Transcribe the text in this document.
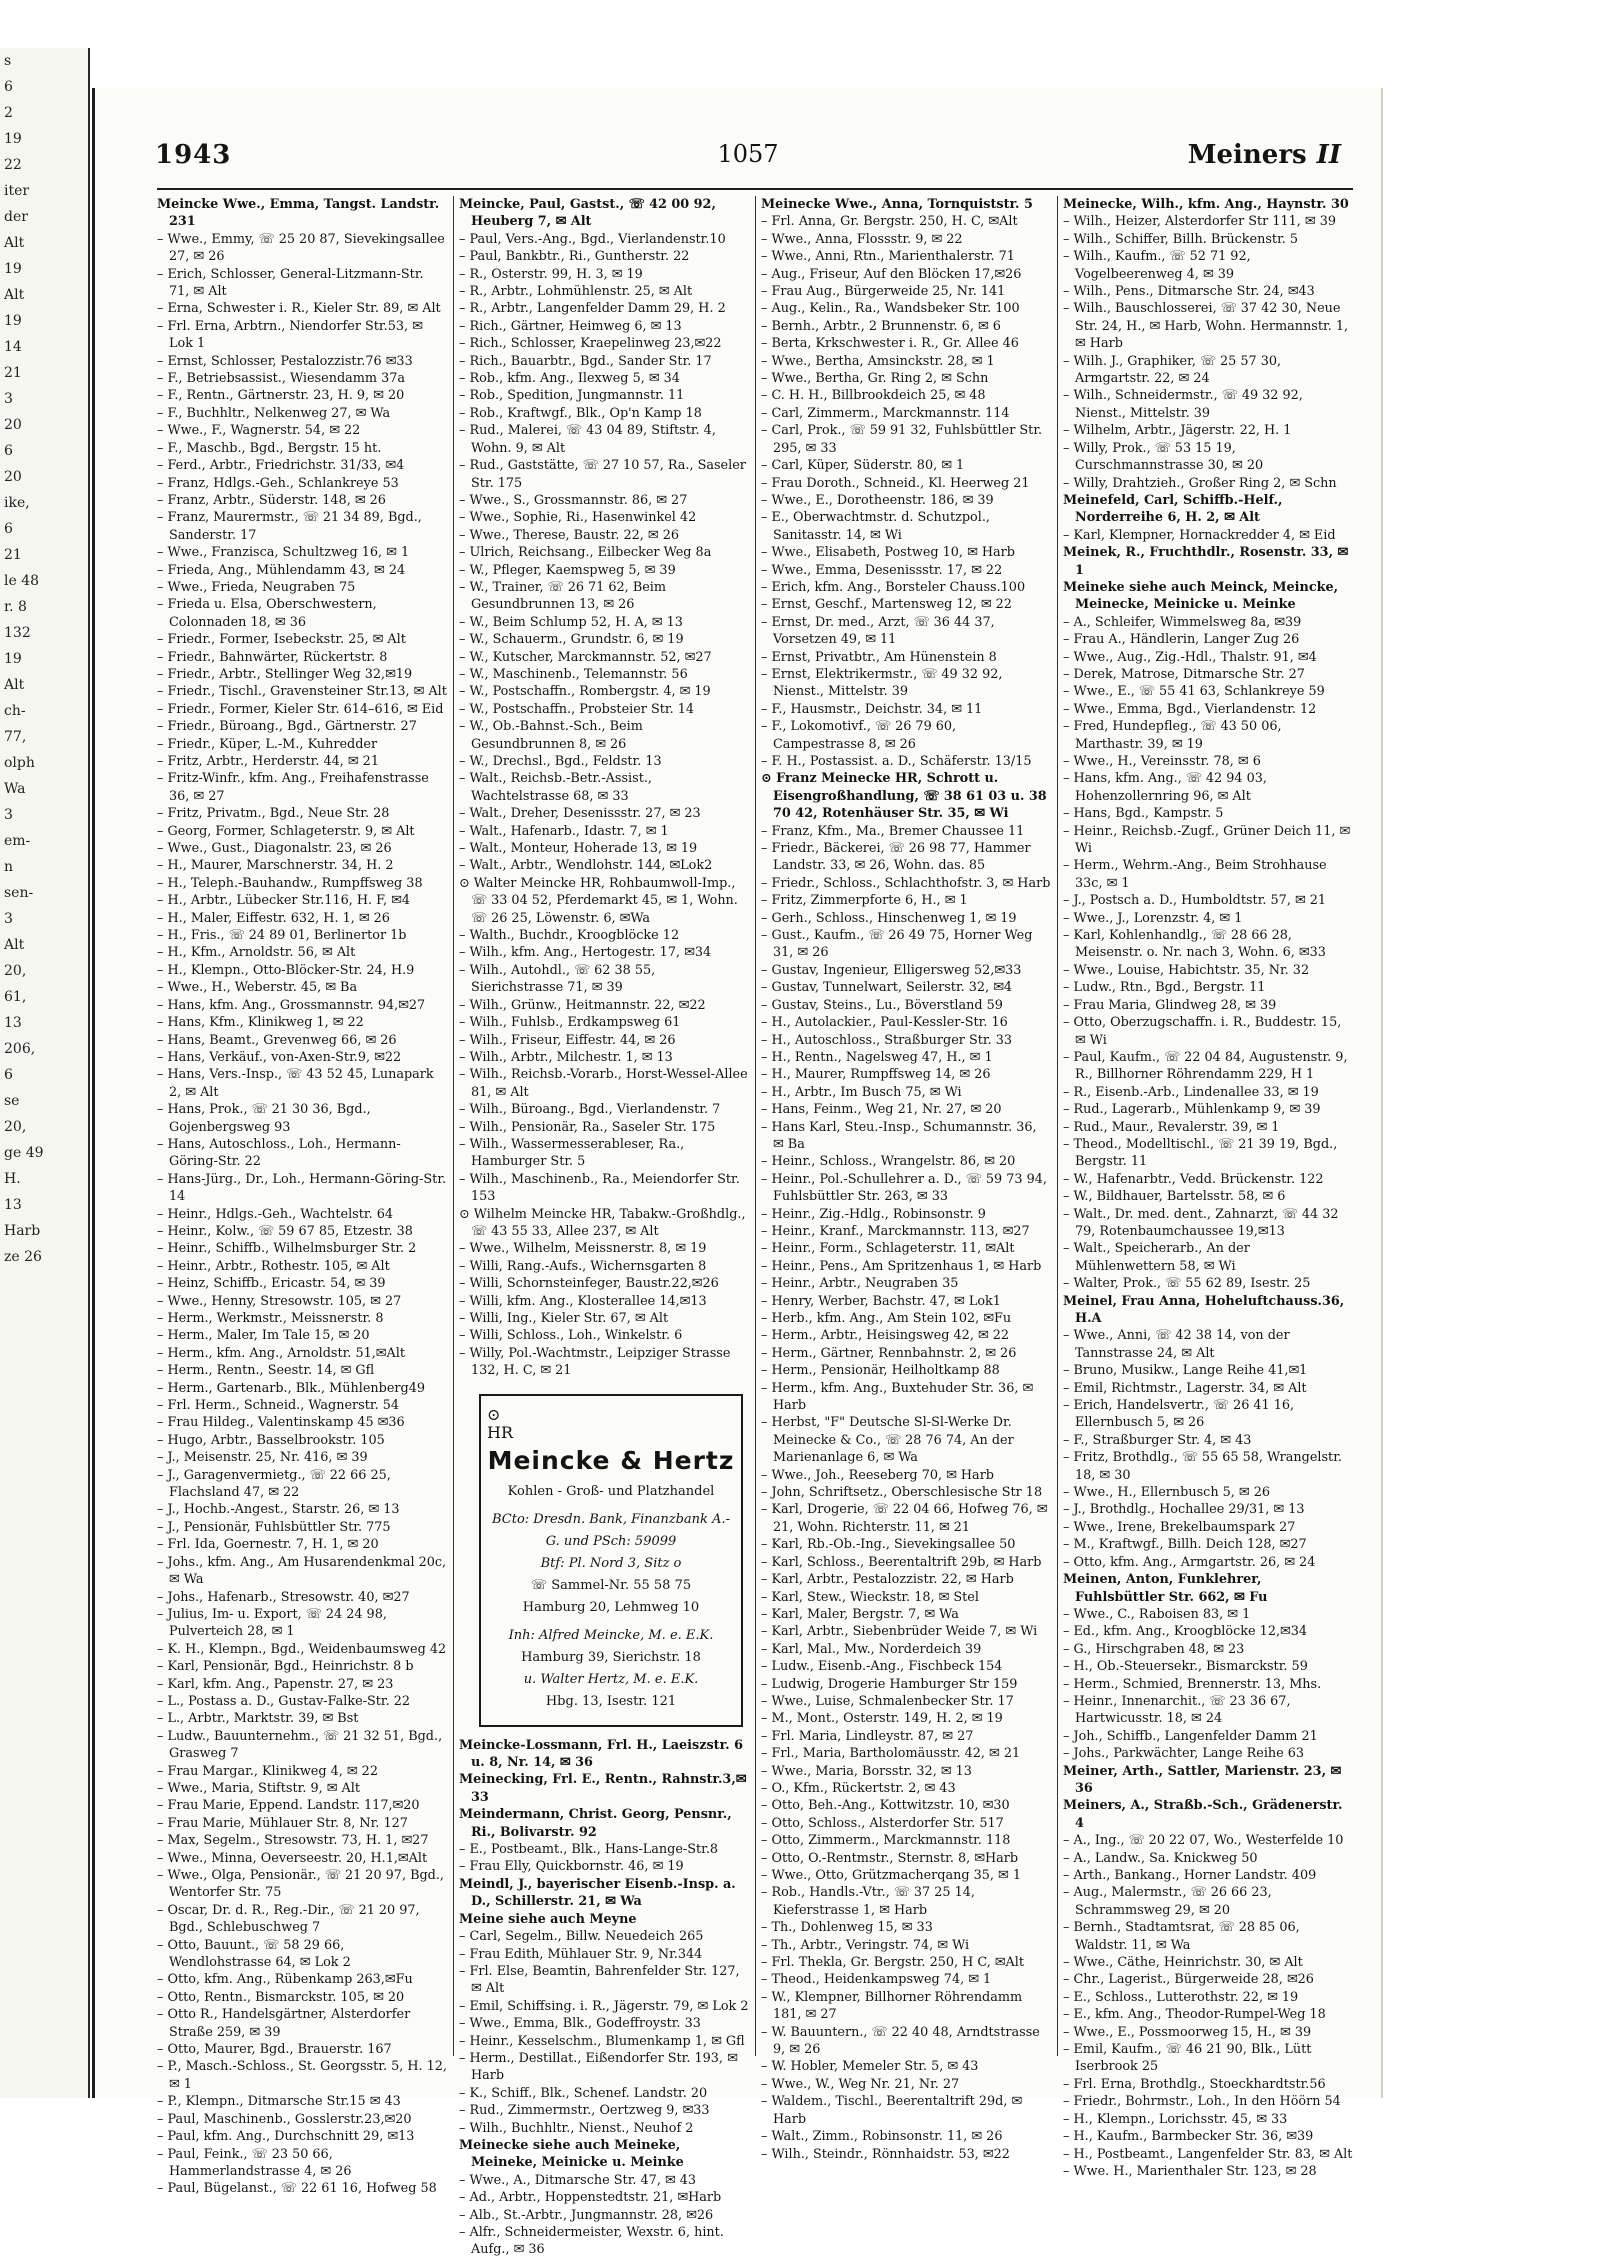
s
6
2
19
22
iter
der
Alt
19
Alt
19
14
21
3
20
6
20
ike,
6
21
le 48
r. 8
132
19
Alt
ch-
77,
olph
Wa
3
em-
n
sen-
3
Alt
20,
61,
13
206,
6
se
20,
ge 49
H.
13
Harb
ze 26
1943	1057	Meiners II
Meincke Wwe., Emma, Tangst. Landstr. 231
– Wwe., Emmy, ☏ 25 20 87, Sievekingsallee 27, ✉ 26
– Erich, Schlosser, General-Litzmann-Str. 71, ✉ Alt
– Erna, Schwester i. R., Kieler Str. 89, ✉ Alt
– Frl. Erna, Arbtrn., Niendorfer Str.53, ✉ Lok 1
– Ernst, Schlosser, Pestalozzistr.76 ✉33
– F., Betriebsassist., Wiesendamm 37a
– F., Rentn., Gärtnerstr. 23, H. 9, ✉ 20
– F., Buchhltr., Nelkenweg 27, ✉ Wa
– Wwe., F., Wagnerstr. 54, ✉ 22
– F., Maschb., Bgd., Bergstr. 15 ht.
– Ferd., Arbtr., Friedrichstr. 31/33, ✉4
– Franz, Hdlgs.-Geh., Schlankreye 53
– Franz, Arbtr., Süderstr. 148, ✉ 26
– Franz, Maurermstr., ☏ 21 34 89, Bgd., Sanderstr. 17
– Wwe., Franzisca, Schultzweg 16, ✉ 1
– Frieda, Ang., Mühlendamm 43, ✉ 24
– Wwe., Frieda, Neugraben 75
– Frieda u. Elsa, Oberschwestern, Colonnaden 18, ✉ 36
– Friedr., Former, Isebeckstr. 25, ✉ Alt
– Friedr., Bahnwärter, Rückertstr. 8
– Friedr., Arbtr., Stellinger Weg 32,✉19
– Friedr., Tischl., Gravensteiner Str.13, ✉ Alt
– Friedr., Former, Kieler Str. 614–616, ✉ Eid
– Friedr., Büroang., Bgd., Gärtnerstr. 27
– Friedr., Küper, L.-M., Kuhredder
– Fritz, Arbtr., Herderstr. 44, ✉ 21
– Fritz-Winfr., kfm. Ang., Freihafenstrasse 36, ✉ 27
– Fritz, Privatm., Bgd., Neue Str. 28
– Georg, Former, Schlageterstr. 9, ✉ Alt
– Wwe., Gust., Diagonalstr. 23, ✉ 26
– H., Maurer, Marschnerstr. 34, H. 2
– H., Teleph.-Bauhandw., Rumpffsweg 38
– H., Arbtr., Lübecker Str.116, H. F, ✉4
– H., Maler, Eiffestr. 632, H. 1, ✉ 26
– H., Fris., ☏ 24 89 01, Berlinertor 1b
– H., Kfm., Arnoldstr. 56, ✉ Alt
– H., Klempn., Otto-Blöcker-Str. 24, H.9
– Wwe., H., Weberstr. 45, ✉ Ba
– Hans, kfm. Ang., Grossmannstr. 94,✉27
– Hans, Kfm., Klinikweg 1, ✉ 22
– Hans, Beamt., Grevenweg 66, ✉ 26
– Hans, Verkäuf., von-Axen-Str.9, ✉22
– Hans, Vers.-Insp., ☏ 43 52 45, Lunapark 2, ✉ Alt
– Hans, Prok., ☏ 21 30 36, Bgd., Gojenbergsweg 93
– Hans, Autoschloss., Loh., Hermann-Göring-Str. 22
– Hans-Jürg., Dr., Loh., Hermann-Göring-Str. 14
– Heinr., Hdlgs.-Geh., Wachtelstr. 64
– Heinr., Kolw., ☏ 59 67 85, Etzestr. 38
– Heinr., Schiffb., Wilhelmsburger Str. 2
– Heinr., Arbtr., Rothestr. 105, ✉ Alt
– Heinz, Schiffb., Ericastr. 54, ✉ 39
– Wwe., Henny, Stresowstr. 105, ✉ 27
– Herm., Werkmstr., Meissnerstr. 8
– Herm., Maler, Im Tale 15, ✉ 20
– Herm., kfm. Ang., Arnoldstr. 51,✉Alt
– Herm., Rentn., Seestr. 14, ✉ Gfl
– Herm., Gartenarb., Blk., Mühlenberg49
– Frl. Herm., Schneid., Wagnerstr. 54
– Frau Hildeg., Valentinskamp 45 ✉36
– Hugo, Arbtr., Basselbrookstr. 105
– J., Meisenstr. 25, Nr. 416, ✉ 39
– J., Garagenvermietg., ☏ 22 66 25, Flachsland 47, ✉ 22
– J., Hochb.-Angest., Starstr. 26, ✉ 13
– J., Pensionär, Fuhlsbüttler Str. 775
– Frl. Ida, Goernestr. 7, H. 1, ✉ 20
– Johs., kfm. Ang., Am Husarendenkmal 20c, ✉ Wa
– Johs., Hafenarb., Stresowstr. 40, ✉27
– Julius, Im- u. Export, ☏ 24 24 98, Pulverteich 28, ✉ 1
– K. H., Klempn., Bgd., Weidenbaumsweg 42
– Karl, Pensionär, Bgd., Heinrichstr. 8 b
– Karl, kfm. Ang., Papenstr. 27, ✉ 23
– L., Postass a. D., Gustav-Falke-Str. 22
– L., Arbtr., Marktstr. 39, ✉ Bst
– Ludw., Bauunternehm., ☏ 21 32 51, Bgd., Grasweg 7
– Frau Margar., Klinikweg 4, ✉ 22
– Wwe., Maria, Stiftstr. 9, ✉ Alt
– Frau Marie, Eppend. Landstr. 117,✉20
– Frau Marie, Mühlauer Str. 8, Nr. 127
– Max, Segelm., Stresowstr. 73, H. 1, ✉27
– Wwe., Minna, Oeverseestr. 20, H.1,✉Alt
– Wwe., Olga, Pensionär., ☏ 21 20 97, Bgd., Wentorfer Str. 75
– Oscar, Dr. d. R., Reg.-Dir., ☏ 21 20 97, Bgd., Schlebuschweg 7
– Otto, Bauunt., ☏ 58 29 66, Wendlohstrasse 64, ✉ Lok 2
– Otto, kfm. Ang., Rübenkamp 263,✉Fu
– Otto, Rentn., Bismarckstr. 105, ✉ 20
– Otto R., Handelsgärtner, Alsterdorfer Straße 259, ✉ 39
– Otto, Maurer, Bgd., Brauerstr. 167
– P., Masch.-Schloss., St. Georgsstr. 5, H. 12, ✉ 1
– P., Klempn., Ditmarsche Str.15 ✉ 43
– Paul, Maschinenb., Gosslerstr.23,✉20
– Paul, kfm. Ang., Durchschnitt 29, ✉13
– Paul, Feink., ☏ 23 50 66, Hammerlandstrasse 4, ✉ 26
– Paul, Bügelanst., ☏ 22 61 16, Hofweg 58
Meincke, Paul, Gastst., ☏ 42 00 92, Heuberg 7, ✉ Alt
– Paul, Vers.-Ang., Bgd., Vierlandenstr.10
– Paul, Bankbtr., Ri., Guntherstr. 22
– R., Osterstr. 99, H. 3, ✉ 19
– R., Arbtr., Lohmühlenstr. 25, ✉ Alt
– R., Arbtr., Langenfelder Damm 29, H. 2
– Rich., Gärtner, Heimweg 6, ✉ 13
– Rich., Schlosser, Kraepelinweg 23,✉22
– Rich., Bauarbtr., Bgd., Sander Str. 17
– Rob., kfm. Ang., Ilexweg 5, ✉ 34
– Rob., Spedition, Jungmannstr. 11
– Rob., Kraftwgf., Blk., Op'n Kamp 18
– Rud., Malerei, ☏ 43 04 89, Stiftstr. 4, Wohn. 9, ✉ Alt
– Rud., Gaststätte, ☏ 27 10 57, Ra., Saseler Str. 175
– Wwe., S., Grossmannstr. 86, ✉ 27
– Wwe., Sophie, Ri., Hasenwinkel 42
– Wwe., Therese, Baustr. 22, ✉ 26
– Ulrich, Reichsang., Eilbecker Weg 8a
– W., Pfleger, Kaemspweg 5, ✉ 39
– W., Trainer, ☏ 26 71 62, Beim Gesundbrunnen 13, ✉ 26
– W., Beim Schlump 52, H. A, ✉ 13
– W., Schauerm., Grundstr. 6, ✉ 19
– W., Kutscher, Marckmannstr. 52, ✉27
– W., Maschinenb., Telemannstr. 56
– W., Postschaffn., Rombergstr. 4, ✉ 19
– W., Postschaffn., Probsteier Str. 14
– W., Ob.-Bahnst.-Sch., Beim Gesundbrunnen 8, ✉ 26
– W., Drechsl., Bgd., Feldstr. 13
– Walt., Reichsb.-Betr.-Assist., Wachtelstrasse 68, ✉ 33
– Walt., Dreher, Desenissstr. 27, ✉ 23
– Walt., Hafenarb., Idastr. 7, ✉ 1
– Walt., Monteur, Hoherade 13, ✉ 19
– Walt., Arbtr., Wendlohstr. 144, ✉Lok2
⊙ Walter Meincke HR, Rohbaumwoll-Imp., ☏ 33 04 52, Pferdemarkt 45, ✉ 1, Wohn. ☏ 26 25, Löwenstr. 6, ✉Wa
– Walth., Buchdr., Kroogblöcke 12
– Wilh., kfm. Ang., Hertogestr. 17, ✉34
– Wilh., Autohdl., ☏ 62 38 55, Sierichstrasse 71, ✉ 39
– Wilh., Grünw., Heitmannstr. 22, ✉22
– Wilh., Fuhlsb., Erdkampsweg 61
– Wilh., Friseur, Eiffestr. 44, ✉ 26
– Wilh., Arbtr., Milchestr. 1, ✉ 13
– Wilh., Reichsb.-Vorarb., Horst-Wessel-Allee 81, ✉ Alt
– Wilh., Büroang., Bgd., Vierlandenstr. 7
– Wilh., Pensionär, Ra., Saseler Str. 175
– Wilh., Wassermesserableser, Ra., Hamburger Str. 5
– Wilh., Maschinenb., Ra., Meiendorfer Str. 153
⊙ Wilhelm Meincke HR, Tabakw.-Großhdlg., ☏ 43 55 33, Allee 237, ✉ Alt
– Wwe., Wilhelm, Meissnerstr. 8, ✉ 19
– Willi, Rang.-Aufs., Wichernsgarten 8
– Willi, Schornsteinfeger, Baustr.22,✉26
– Willi, kfm. Ang., Klosterallee 14,✉13
– Willi, Ing., Kieler Str. 67, ✉ Alt
– Willi, Schloss., Loh., Winkelstr. 6
– Willy, Pol.-Wachtmstr., Leipziger Strasse 132, H. C, ✉ 21
⊙
HR
Meincke & Hertz
Kohlen - Groß- und Platzhandel
BCto: Dresdn. Bank, Finanzbank A.-G. und PSch: 59099
Btf: Pl. Nord 3, Sitz o
☏ Sammel-Nr. 55 58 75
Hamburg 20, Lehmweg 10
Inh: Alfred Meincke, M. e. E.K.
Hamburg 39, Sierichstr. 18
u. Walter Hertz, M. e. E.K.
Hbg. 13, Isestr. 121
Meincke-Lossmann, Frl. H., Laeiszstr. 6 u. 8, Nr. 14, ✉ 36
Meinecking, Frl. E., Rentn., Rahnstr.3,✉33
Meindermann, Christ. Georg, Pensnr., Ri., Bolivarstr. 92
– E., Postbeamt., Blk., Hans-Lange-Str.8
– Frau Elly, Quickbornstr. 46, ✉ 19
Meindl, J., bayerischer Eisenb.-Insp. a. D., Schillerstr. 21, ✉ Wa
Meine siehe auch Meyne
– Carl, Segelm., Billw. Neuedeich 265
– Frau Edith, Mühlauer Str. 9, Nr.344
– Frl. Else, Beamtin, Bahrenfelder Str. 127, ✉ Alt
– Emil, Schiffsing. i. R., Jägerstr. 79, ✉ Lok 2
– Wwe., Emma, Blk., Godeffroystr. 33
– Heinr., Kesselschm., Blumenkamp 1, ✉ Gfl
– Herm., Destillat., Eißendorfer Str. 193, ✉ Harb
– K., Schiff., Blk., Schenef. Landstr. 20
– Rud., Zimmermstr., Oertzweg 9, ✉33
– Wilh., Buchhltr., Nienst., Neuhof 2
Meinecke siehe auch Meineke, Meineke, Meinicke u. Meinke
– Wwe., A., Ditmarsche Str. 47, ✉ 43
– Ad., Arbtr., Hoppenstedtstr. 21, ✉Harb
– Alb., St.-Arbtr., Jungmannstr. 28, ✉26
– Alfr., Schneidermeister, Wexstr. 6, hint. Aufg., ✉ 36
Meinecke Wwe., Anna, Tornquiststr. 5
– Frl. Anna, Gr. Bergstr. 250, H. C, ✉Alt
– Wwe., Anna, Flossstr. 9, ✉ 22
– Wwe., Anni, Rtn., Marienthalerstr. 71
– Aug., Friseur, Auf den Blöcken 17,✉26
– Frau Aug., Bürgerweide 25, Nr. 141
– Aug., Kelin., Ra., Wandsbeker Str. 100
– Bernh., Arbtr., 2 Brunnenstr. 6, ✉ 6
– Berta, Krkschwester i. R., Gr. Allee 46
– Wwe., Bertha, Amsinckstr. 28, ✉ 1
– Wwe., Bertha, Gr. Ring 2, ✉ Schn
– C. H. H., Billbrookdeich 25, ✉ 48
– Carl, Zimmerm., Marckmannstr. 114
– Carl, Prok., ☏ 59 91 32, Fuhlsbüttler Str. 295, ✉ 33
– Carl, Küper, Süderstr. 80, ✉ 1
– Frau Doroth., Schneid., Kl. Heerweg 21
– Wwe., E., Dorotheenstr. 186, ✉ 39
– E., Oberwachtmstr. d. Schutzpol., Sanitasstr. 14, ✉ Wi
– Wwe., Elisabeth, Postweg 10, ✉ Harb
– Wwe., Emma, Desenissstr. 17, ✉ 22
– Erich, kfm. Ang., Borsteler Chauss.100
– Ernst, Geschf., Martensweg 12, ✉ 22
– Ernst, Dr. med., Arzt, ☏ 36 44 37, Vorsetzen 49, ✉ 11
– Ernst, Privatbtr., Am Hünenstein 8
– Ernst, Elektrikermstr., ☏ 49 32 92, Nienst., Mittelstr. 39
– F., Hausmstr., Deichstr. 34, ✉ 11
– F., Lokomotivf., ☏ 26 79 60, Campestrasse 8, ✉ 26
– F. H., Postassist. a. D., Schäferstr. 13/15
⊙ Franz Meinecke HR, Schrott u. Eisengroßhandlung, ☏ 38 61 03 u. 38 70 42, Rotenhäuser Str. 35, ✉ Wi
– Franz, Kfm., Ma., Bremer Chaussee 11
– Friedr., Bäckerei, ☏ 26 98 77, Hammer Landstr. 33, ✉ 26, Wohn. das. 85
– Friedr., Schloss., Schlachthofstr. 3, ✉ Harb
– Fritz, Zimmerpforte 6, H., ✉ 1
– Gerh., Schloss., Hinschenweg 1, ✉ 19
– Gust., Kaufm., ☏ 26 49 75, Horner Weg 31, ✉ 26
– Gustav, Ingenieur, Elligersweg 52,✉33
– Gustav, Tunnelwart, Seilerstr. 32, ✉4
– Gustav, Steins., Lu., Böverstland 59
– H., Autolackier., Paul-Kessler-Str. 16
– H., Autoschloss., Straßburger Str. 33
– H., Rentn., Nagelsweg 47, H., ✉ 1
– H., Maurer, Rumpffsweg 14, ✉ 26
– H., Arbtr., Im Busch 75, ✉ Wi
– Hans, Feinm., Weg 21, Nr. 27, ✉ 20
– Hans Karl, Steu.-Insp., Schumannstr. 36, ✉ Ba
– Heinr., Schloss., Wrangelstr. 86, ✉ 20
– Heinr., Pol.-Schullehrer a. D., ☏ 59 73 94, Fuhlsbüttler Str. 263, ✉ 33
– Heinr., Zig.-Hdlg., Robinsonstr. 9
– Heinr., Kranf., Marckmannstr. 113, ✉27
– Heinr., Form., Schlageterstr. 11, ✉Alt
– Heinr., Pens., Am Spritzenhaus 1, ✉ Harb
– Heinr., Arbtr., Neugraben 35
– Henry, Werber, Bachstr. 47, ✉ Lok1
– Herb., kfm. Ang., Am Stein 102, ✉Fu
– Herm., Arbtr., Heisingsweg 42, ✉ 22
– Herm., Gärtner, Rennbahnstr. 2, ✉ 26
– Herm., Pensionär, Heilholtkamp 88
– Herm., kfm. Ang., Buxtehuder Str. 36, ✉ Harb
– Herbst, "F" Deutsche Sl-Sl-Werke Dr. Meinecke & Co., ☏ 28 76 74, An der Marienanlage 6, ✉ Wa
– Wwe., Joh., Reeseberg 70, ✉ Harb
– John, Schriftsetz., Oberschlesische Str 18
– Karl, Drogerie, ☏ 22 04 66, Hofweg 76, ✉ 21, Wohn. Richterstr. 11, ✉ 21
– Karl, Rb.-Ob.-Ing., Sievekingsallee 50
– Karl, Schloss., Beerentaltrift 29b, ✉ Harb
– Karl, Arbtr., Pestalozzistr. 22, ✉ Harb
– Karl, Stew., Wieckstr. 18, ✉ Stel
– Karl, Maler, Bergstr. 7, ✉ Wa
– Karl, Arbtr., Siebenbrüder Weide 7, ✉ Wi
– Karl, Mal., Mw., Norderdeich 39
– Ludw., Eisenb.-Ang., Fischbeck 154
– Ludwig, Drogerie Hamburger Str 159
– Wwe., Luise, Schmalenbecker Str. 17
– M., Mont., Osterstr. 149, H. 2, ✉ 19
– Frl. Maria, Lindleystr. 87, ✉ 27
– Frl., Maria, Bartholomäusstr. 42, ✉ 21
– Wwe., Maria, Borsstr. 32, ✉ 13
– O., Kfm., Rückertstr. 2, ✉ 43
– Otto, Beh.-Ang., Kottwitzstr. 10, ✉30
– Otto, Schloss., Alsterdorfer Str. 517
– Otto, Zimmerm., Marckmannstr. 118
– Otto, O.-Rentmstr., Sternstr. 8, ✉Harb
– Wwe., Otto, Grützmacherqang 35, ✉ 1
– Rob., Handls.-Vtr., ☏ 37 25 14, Kieferstrasse 1, ✉ Harb
– Th., Dohlenweg 15, ✉ 33
– Th., Arbtr., Veringstr. 74, ✉ Wi
– Frl. Thekla, Gr. Bergstr. 250, H C, ✉Alt
– Theod., Heidenkampsweg 74, ✉ 1
– W., Klempner, Billhorner Röhrendamm 181, ✉ 27
– W. Bauuntern., ☏ 22 40 48, Arndtstrasse 9, ✉ 26
– W. Hobler, Memeler Str. 5, ✉ 43
– Wwe., W., Weg Nr. 21, Nr. 27
– Waldem., Tischl., Beerentaltrift 29d, ✉ Harb
– Walt., Zimm., Robinsonstr. 11, ✉ 26
– Wilh., Steindr., Rönnhaidstr. 53, ✉22
Meinecke, Wilh., kfm. Ang., Haynstr. 30
– Wilh., Heizer, Alsterdorfer Str 111, ✉ 39
– Wilh., Schiffer, Billh. Brückenstr. 5
– Wilh., Kaufm., ☏ 52 71 92, Vogelbeerenweg 4, ✉ 39
– Wilh., Pens., Ditmarsche Str. 24, ✉43
– Wilh., Bauschlosserei, ☏ 37 42 30, Neue Str. 24, H., ✉ Harb, Wohn. Hermannstr. 1, ✉ Harb
– Wilh. J., Graphiker, ☏ 25 57 30, Armgartstr. 22, ✉ 24
– Wilh., Schneidermstr., ☏ 49 32 92, Nienst., Mittelstr. 39
– Wilhelm, Arbtr., Jägerstr. 22, H. 1
– Willy, Prok., ☏ 53 15 19, Curschmannstrasse 30, ✉ 20
– Willy, Drahtzieh., Großer Ring 2, ✉ Schn
Meinefeld, Carl, Schiffb.-Helf., Norderreihe 6, H. 2, ✉ Alt
– Karl, Klempner, Hornackredder 4, ✉ Eid
Meinek, R., Fruchthdlr., Rosenstr. 33, ✉ 1
Meineke siehe auch Meinck, Meincke, Meinecke, Meinicke u. Meinke
– A., Schleifer, Wimmelsweg 8a, ✉39
– Frau A., Händlerin, Langer Zug 26
– Wwe., Aug., Zig.-Hdl., Thalstr. 91, ✉4
– Derek, Matrose, Ditmarsche Str. 27
– Wwe., E., ☏ 55 41 63, Schlankreye 59
– Wwe., Emma, Bgd., Vierlandenstr. 12
– Fred, Hundepfleg., ☏ 43 50 06, Marthastr. 39, ✉ 19
– Wwe., H., Vereinsstr. 78, ✉ 6
– Hans, kfm. Ang., ☏ 42 94 03, Hohenzollernring 96, ✉ Alt
– Hans, Bgd., Kampstr. 5
– Heinr., Reichsb.-Zugf., Grüner Deich 11, ✉ Wi
– Herm., Wehrm.-Ang., Beim Strohhause 33c, ✉ 1
– J., Postsch a. D., Humboldtstr. 57, ✉ 21
– Wwe., J., Lorenzstr. 4, ✉ 1
– Karl, Kohlenhandlg., ☏ 28 66 28, Meisenstr. o. Nr. nach 3, Wohn. 6, ✉33
– Wwe., Louise, Habichtstr. 35, Nr. 32
– Ludw., Rtn., Bgd., Bergstr. 11
– Frau Maria, Glindweg 28, ✉ 39
– Otto, Oberzugschaffn. i. R., Buddestr. 15, ✉ Wi
– Paul, Kaufm., ☏ 22 04 84, Augustenstr. 9, R., Billhorner Röhrendamm 229, H 1
– R., Eisenb.-Arb., Lindenallee 33, ✉ 19
– Rud., Lagerarb., Mühlenkamp 9, ✉ 39
– Rud., Maur., Revalerstr. 39, ✉ 1
– Theod., Modelltischl., ☏ 21 39 19, Bgd., Bergstr. 11
– W., Hafenarbtr., Vedd. Brückenstr. 122
– W., Bildhauer, Bartelsstr. 58, ✉ 6
– Walt., Dr. med. dent., Zahnarzt, ☏ 44 32 79, Rotenbaumchaussee 19,✉13
– Walt., Speicherarb., An der Mühlenwettern 58, ✉ Wi
– Walter, Prok., ☏ 55 62 89, Isestr. 25
Meinel, Frau Anna, Hoheluftchauss.36, H.A
– Wwe., Anni, ☏ 42 38 14, von der Tannstrasse 24, ✉ Alt
– Bruno, Musikw., Lange Reihe 41,✉1
– Emil, Richtmstr., Lagerstr. 34, ✉ Alt
– Erich, Handelsvertr., ☏ 26 41 16, Ellernbusch 5, ✉ 26
– F., Straßburger Str. 4, ✉ 43
– Fritz, Brothdlg., ☏ 55 65 58, Wrangelstr. 18, ✉ 30
– Wwe., H., Ellernbusch 5, ✉ 26
– J., Brothdlg., Hochallee 29/31, ✉ 13
– Wwe., Irene, Brekelbaumspark 27
– M., Kraftwgf., Billh. Deich 128, ✉27
– Otto, kfm. Ang., Armgartstr. 26, ✉ 24
Meinen, Anton, Funklehrer, Fuhlsbüttler Str. 662, ✉ Fu
– Wwe., C., Raboisen 83, ✉ 1
– Ed., kfm. Ang., Kroogblöcke 12,✉34
– G., Hirschgraben 48, ✉ 23
– H., Ob.-Steuersekr., Bismarckstr. 59
– Herm., Schmied, Brennerstr. 13, Mhs.
– Heinr., Innenarchit., ☏ 23 36 67, Hartwicusstr. 18, ✉ 24
– Joh., Schiffb., Langenfelder Damm 21
– Johs., Parkwächter, Lange Reihe 63
Meiner, Arth., Sattler, Marienstr. 23, ✉36
Meiners, A., Straßb.-Sch., Grädenerstr. 4
– A., Ing., ☏ 20 22 07, Wo., Westerfelde 10
– A., Landw., Sa. Knickweg 50
– Arth., Bankang., Horner Landstr. 409
– Aug., Malermstr., ☏ 26 66 23, Schrammsweg 29, ✉ 20
– Bernh., Stadtamtsrat, ☏ 28 85 06, Waldstr. 11, ✉ Wa
– Wwe., Cäthe, Heinrichstr. 30, ✉ Alt
– Chr., Lagerist., Bürgerweide 28, ✉26
– E., Schloss., Lutterothstr. 22, ✉ 19
– E., kfm. Ang., Theodor-Rumpel-Weg 18
– Wwe., E., Possmoorweg 15, H., ✉ 39
– Emil, Kaufm., ☏ 46 21 90, Blk., Lütt Iserbrook 25
– Frl. Erna, Brothdlg., Stoeckhardtstr.56
– Friedr., Bohrmstr., Loh., In den Höörn 54
– H., Klempn., Lorichsstr. 45, ✉ 33
– H., Kaufm., Barmbecker Str. 36, ✉39
– H., Postbeamt., Langenfelder Str. 83, ✉ Alt
– Wwe. H., Marienthaler Str. 123, ✉ 28
